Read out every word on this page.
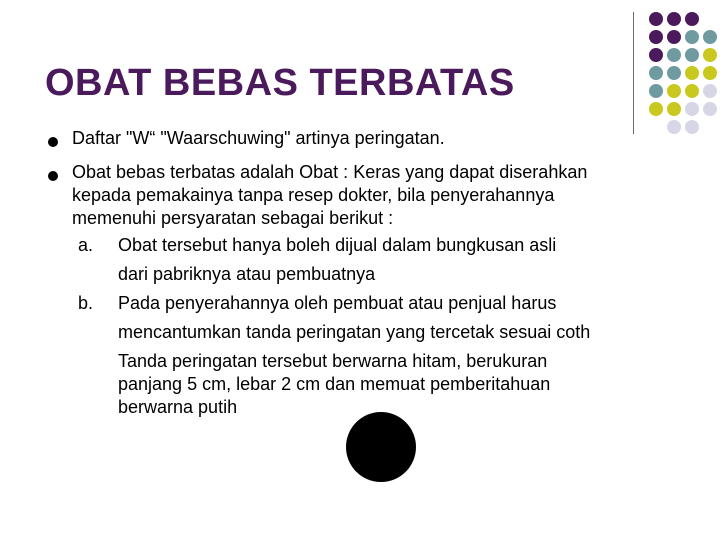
OBAT BEBAS TERBATAS
Daftar "W“ "Waarschuwing" artinya peringatan.
Obat bebas terbatas adalah Obat : Keras yang dapat diserahkan
kepada pemakainya tanpa resep dokter, bila penyerahannya
memenuhi persyaratan sebagai berikut :
a. Obat tersebut hanya boleh dijual dalam bungkusan asli
dari pabriknya atau pembuatnya
b. Pada penyerahannya oleh pembuat atau penjual harus
mencantumkan tanda peringatan yang tercetak sesuai coth
Tanda peringatan tersebut berwarna hitam, berukuran
panjang 5 cm, lebar 2 cm dan memuat pemberitahuan
berwarna putih
